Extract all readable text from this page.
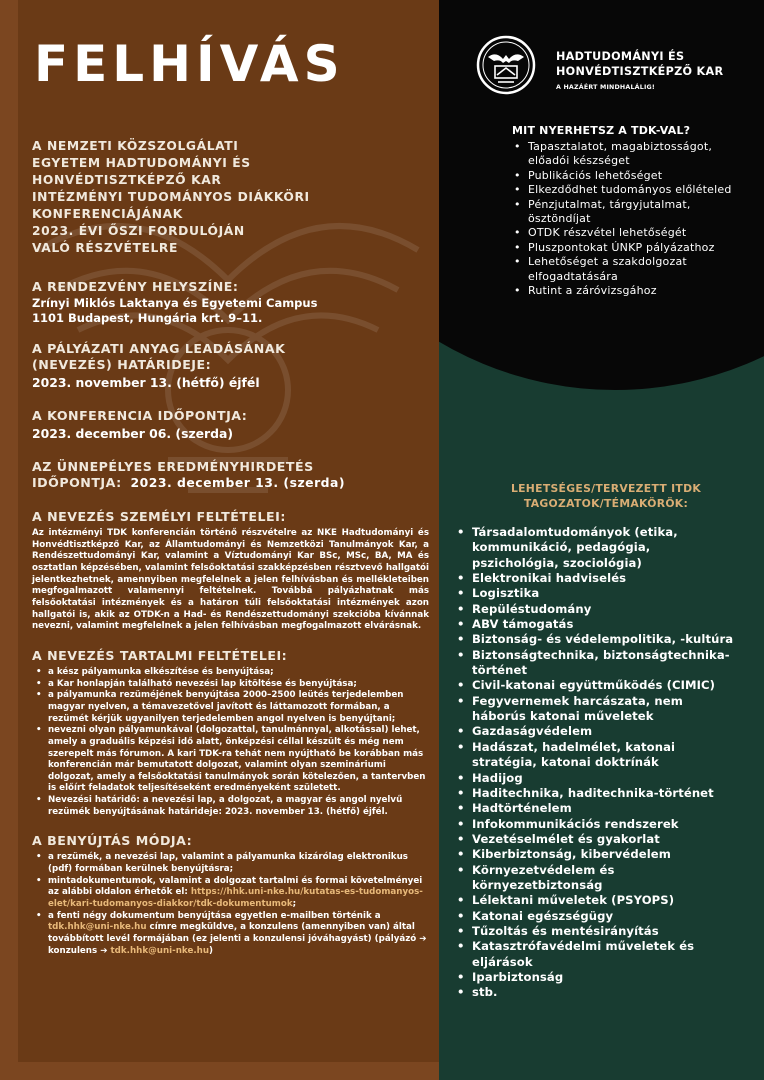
FELHÍVÁS
A NEMZETI KÖZSZOLGÁLATI
EGYETEM HADTUDOMÁNYI ÉS
HONVÉDTISZTKÉPZŐ KAR
INTÉZMÉNYI TUDOMÁNYOS DIÁKKÖRI
KONFERENCIÁJÁNAK
2023. ÉVI ŐSZI FORDULÓJÁN
VALÓ RÉSZVÉTELRE

A RENDEZVÉNY HELYSZÍNE:

Zrínyi Miklós Laktanya és Egyetemi Campus

1101 Budapest, Hungária krt. 9–11.

A PÁLYÁZATI ANYAG LEADÁSÁNAK

(NEVEZÉS) HATÁRIDEJE:

2023. november 13. (hétfő) éjfél

A KONFERENCIA IDŐPONTJA:

2023. december 06. (szerda)

AZ ÜNNEPÉLYES EREDMÉNYHIRDETÉS

IDŐPONTJA: 2023. december 13. (szerda)

A NEVEZÉS SZEMÉLYI FELTÉTELEI:

Az intézményi TDK konferencián történő részvételre az NKE Hadtudományi és Honvédtisztképző Kar, az Államtudományi és Nemzetközi Tanulmányok Kar, a Rendészettudományi Kar, valamint a Víztudományi Kar BSc, MSc, BA, MA és osztatlan képzésében, valamint felsőoktatási szakképzésben résztvevő hallgatói jelentkezhetnek, amennyiben megfelelnek a jelen felhívásban és mellékleteiben megfogalmazott valamennyi feltételnek. Továbbá pályázhatnak más felsőoktatási intézmények és a határon túli felsőoktatási intézmények azon hallgatói is, akik az OTDK-n a Had- és Rendészettudományi szekcióba kívánnak nevezni, valamint megfelelnek a jelen felhívásban megfogalmazott elvárásnak.

A NEVEZÉS TARTALMI FELTÉTELEI:

• a kész pályamunka elkészítése és benyújtása;
• a Kar honlapján található nevezési lap kitöltése és benyújtása;
• a pályamunka rezüméjének benyújtása 2000–2500 leütés terjedelemben magyar nyelven, a témavezetővel javított és láttamozott formában, a rezümét kérjük ugyanilyen terjedelemben angol nyelven is benyújtani;
• nevezni olyan pályamunkával (dolgozattal, tanulmánnyal, alkotással) lehet, amely a graduális képzési idő alatt, önképzési céllal készült és még nem szerepelt más fórumon. A kari TDK-ra tehát nem nyújtható be korábban más konferencián már bemutatott dolgozat, valamint olyan szemináriumi dolgozat, amely a felsőoktatási tanulmányok során kötelezően, a tantervben is előírt feladatok teljesítéseként eredményeként született.
• Nevezési határidő: a nevezési lap, a dolgozat, a magyar és angol nyelvű rezümék benyújtásának határideje: 2023. november 13. (hétfő) éjfél.

A BENYÚJTÁS MÓDJA:

• a rezümék, a nevezési lap, valamint a pályamunka kizárólag elektronikus (pdf) formában kerülnek benyújtásra;
• mintadokumentumok, valamint a dolgozat tartalmi és formai követelményei az alábbi oldalon érhetők el: https://hhk.uni-nke.hu/kutatas-es-tudomanyos-elet/kari-tudomanyos-diakkor/tdk-dokumentumok;
• a fenti négy dokumentum benyújtása egyetlen e-mailben történik a tdk.hhk@uni-nke.hu címre megküldve, a konzulens (amennyiben van) által továbbított levél formájában (ez jelenti a konzulensi jóváhagyást) (pályázó ➔ konzulens ➔ tdk.hhk@uni-nke.hu)
HADTUDOMÁNYI ÉS
HONVÉDTISZTKÉPZŐ KAR
A HAZÁÉRT MINDHALÁLIG!
MIT NYERHETSZ A TDK-VAL?
• Tapasztalatot, magabiztosságot, előadói készséget
• Publikációs lehetőséget
• Elkezdődhet tudományos előlételed
• Pénzjutalmat, tárgyjutalmat, ösztöndíjat
• OTDK részvétel lehetőségét
• Pluszpontokat ÚNKP pályázathoz
• Lehetőséget a szakdolgozat elfogadtatására
• Rutint a záróvizsgához
LEHETSÉGES/TERVEZETT ITDK
TAGOZATOK/TÉMAKÖRÖK:
• Társadalomtudományok (etika, kommunikáció, pedagógia, pszichológia, szociológia)
• Elektronikai hadviselés
• Logisztika
• Repüléstudomány
• ABV támogatás
• Biztonság- és védelempolitika, -kultúra
• Biztonságtechnika, biztonságtechnika-történet
• Civil-katonai együttműködés (CIMIC)
• Fegyvernemek harcászata, nem háborús katonai műveletek
• Gazdaságvédelem
• Hadászat, hadelmélet, katonai stratégia, katonai doktrínák
• Hadijog
• Haditechnika, haditechnika-történet
• Hadtörténelem
• Infokommunikációs rendszerek
• Vezetéselmélet és gyakorlat
• Kiberbiztonság, kibervédelem
• Környezetvédelem és környezetbiztonság
• Lélektani műveletek (PSYOPS)
• Katonai egészségügy
• Tűzoltás és mentésirányítás
• Katasztrófavédelmi műveletek és eljárások
• Iparbiztonság
• stb.
